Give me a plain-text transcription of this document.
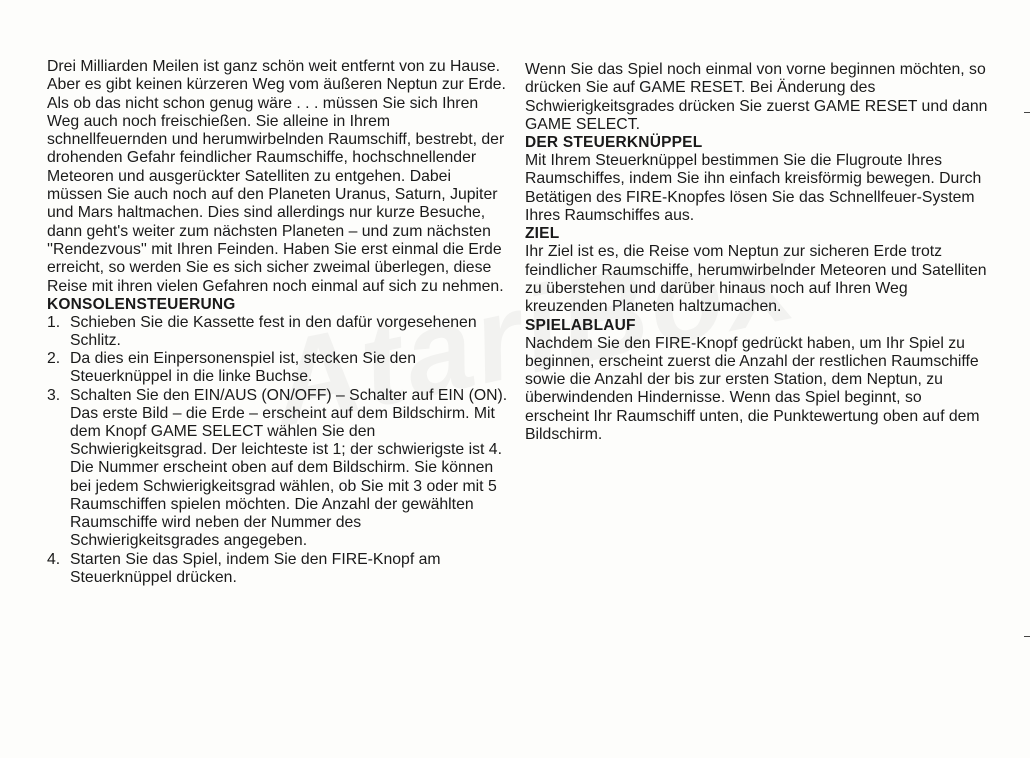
Drei Milliarden Meilen ist ganz schön weit entfernt von zu Hause. Aber es gibt keinen kürzeren Weg vom äußeren Neptun zur Erde. Als ob das nicht schon genug wäre . . . müssen Sie sich Ihren Weg auch noch freischießen. Sie alleine in Ihrem schnellfeuernden und herumwirbelnden Raumschiff, bestrebt, der drohenden Gefahr feindlicher Raumschiffe, hochschnellender Meteoren und ausgerückter Satelliten zu entgehen. Dabei müssen Sie auch noch auf den Planeten Uranus, Saturn, Jupiter und Mars haltmachen. Dies sind allerdings nur kurze Besuche, dann geht's weiter zum nächsten Planeten – und zum nächsten ''Rendezvous'' mit Ihren Feinden. Haben Sie erst einmal die Erde erreicht, so werden Sie es sich sicher zweimal überlegen, diese Reise mit ihren vielen Gefahren noch einmal auf sich zu nehmen.

KONSOLENSTEUERUNG
1. Schieben Sie die Kassette fest in den dafür vorgesehenen Schlitz.
2. Da dies ein Einpersonenspiel ist, stecken Sie den Steuerknüppel in die linke Buchse.
3. Schalten Sie den EIN/AUS (ON/OFF) – Schalter auf EIN (ON). Das erste Bild – die Erde – erscheint auf dem Bildschirm. Mit dem Knopf GAME SELECT wählen Sie den Schwierigkeitsgrad. Der leichteste ist 1; der schwierigste ist 4. Die Nummer erscheint oben auf dem Bildschirm. Sie können bei jedem Schwierigkeitsgrad wählen, ob Sie mit 3 oder mit 5 Raumschiffen spielen möchten. Die Anzahl der gewählten Raumschiffe wird neben der Nummer des Schwierigkeitsgrades angegeben.
4. Starten Sie das Spiel, indem Sie den FIRE-Knopf am Steuerknüppel drücken.

Wenn Sie das Spiel noch einmal von vorne beginnen möchten, so drücken Sie auf GAME RESET. Bei Änderung des Schwierigkeitsgrades drücken Sie zuerst GAME RESET und dann GAME SELECT.

DER STEUERKNÜPPEL

Mit Ihrem Steuerknüppel bestimmen Sie die Flugroute Ihres Raumschiffes, indem Sie ihn einfach kreisförmig bewegen. Durch Betätigen des FIRE-Knopfes lösen Sie das Schnellfeuer-System Ihres Raumschiffes aus.

ZIEL

Ihr Ziel ist es, die Reise vom Neptun zur sicheren Erde trotz feindlicher Raumschiffe, herumwirbelnder Meteoren und Satelliten zu überstehen und darüber hinaus noch auf Ihren Weg kreuzenden Planeten haltzumachen.

SPIELABLAUF

Nachdem Sie den FIRE-Knopf gedrückt haben, um Ihr Spiel zu beginnen, erscheint zuerst die Anzahl der restlichen Raumschiffe sowie die Anzahl der bis zur ersten Station, dem Neptun, zu überwindenden Hindernisse. Wenn das Spiel beginnt, so erscheint Ihr Raumschiff unten, die Punktewertung oben auf dem Bildschirm.
